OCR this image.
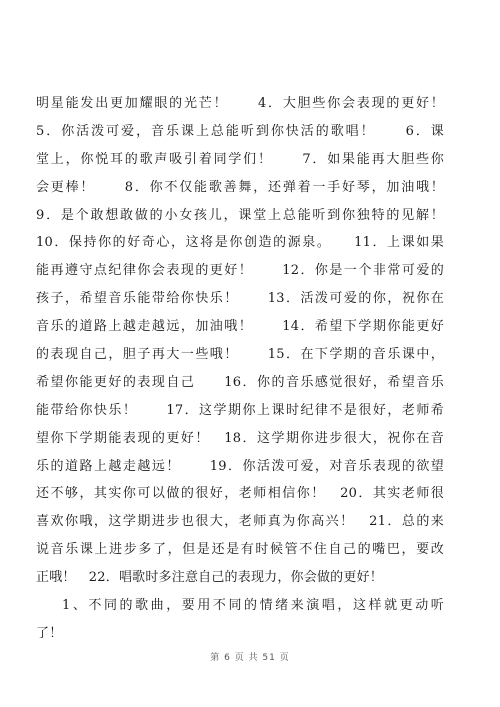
明星能发出更加耀眼的光芒！　　4．大胆些你会表现的更好！
5．你活泼可爱，音乐课上总能听到你快活的歌唱！　　6．课
堂上，你悦耳的歌声吸引着同学们！　　7．如果能再大胆些你
会更棒！　　8．你不仅能歌善舞，还弹着一手好琴，加油哦！
9．是个敢想敢做的小女孩儿，课堂上总能听到你独特的见解！
10．保持你的好奇心，这将是你创造的源泉。　　11．上课如果
能再遵守点纪律你会表现的更好！　　12．你是一个非常可爱的
孩子，希望音乐能带给你快乐！　　13．活泼可爱的你，祝你在
音乐的道路上越走越远，加油哦！　　14．希望下学期你能更好
的表现自己，胆子再大一些哦！　　15．在下学期的音乐课中，
希望你能更好的表现自己　　16．你的音乐感觉很好，希望音乐
能带给你快乐！　　17．这学期你上课时纪律不是很好，老师希
望你下学期能表现的更好！　18．这学期你进步很大，祝你在音
乐的道路上越走越远！　　19．你活泼可爱，对音乐表现的欲望
还不够，其实你可以做的很好，老师相信你！　20．其实老师很
喜欢你哦，这学期进步也很大，老师真为你高兴！　21．总的来
说音乐课上进步多了，但是还是有时候管不住自己的嘴巴，要改
正哦！　22．唱歌时多注意自己的表现力，你会做的更好！
1、不同的歌曲，要用不同的情绪来演唱，这样就更动听
了！
第 6 页 共 51 页
